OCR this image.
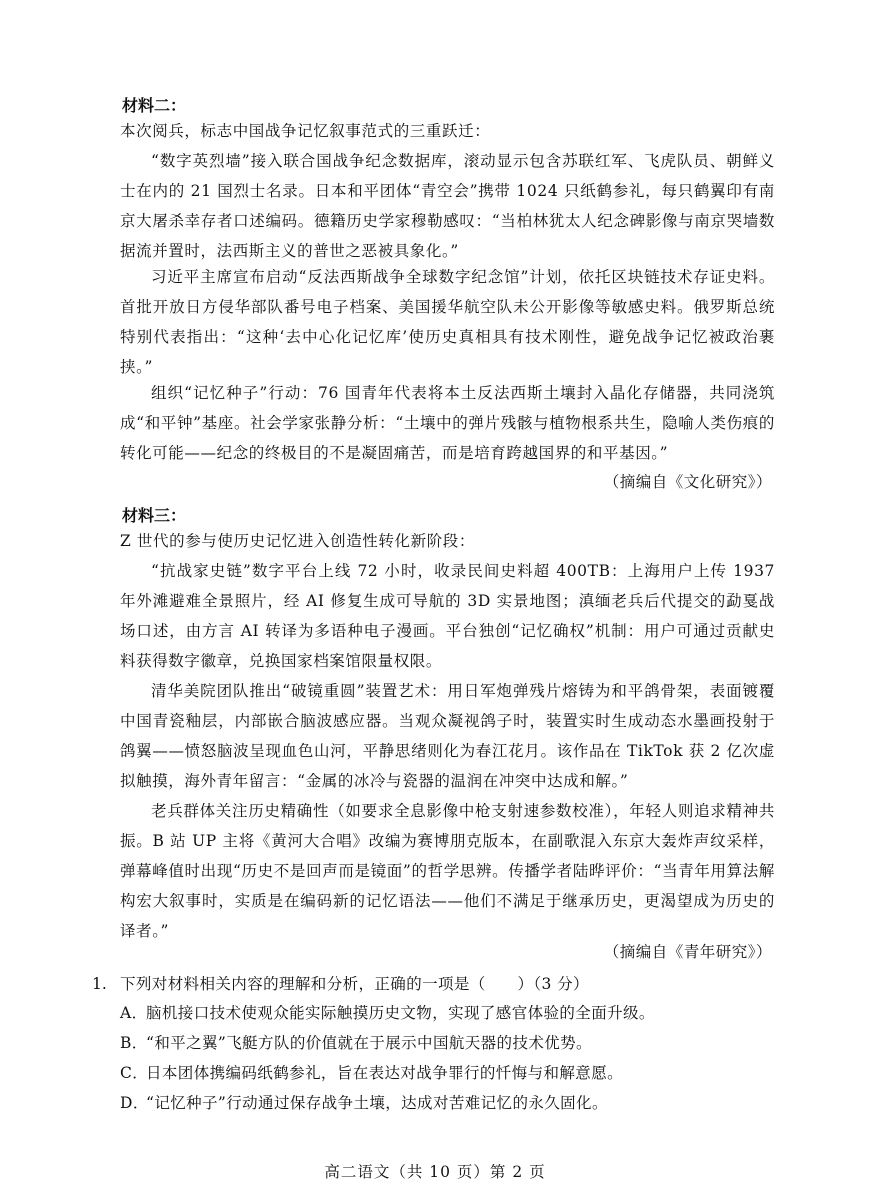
材料二：
本次阅兵，标志中国战争记忆叙事范式的三重跃迁：
“数字英烈墙”接入联合国战争纪念数据库，滚动显示包含苏联红军、飞虎队员、朝鲜义士在内的 21 国烈士名录。日本和平团体“青空会”携带 1024 只纸鹤参礼，每只鹤翼印有南京大屠杀幸存者口述编码。德籍历史学家穆勒感叹：“当柏林犹太人纪念碑影像与南京哭墙数据流并置时，法西斯主义的普世之恶被具象化。”
习近平主席宣布启动“反法西斯战争全球数字纪念馆”计划，依托区块链技术存证史料。首批开放日方侵华部队番号电子档案、美国援华航空队未公开影像等敏感史料。俄罗斯总统特别代表指出：“这种‘去中心化记忆库’使历史真相具有技术刚性，避免战争记忆被政治裹挟。”
组织“记忆种子”行动：76 国青年代表将本土反法西斯土壤封入晶化存储器，共同浇筑成“和平钟”基座。社会学家张静分析：“土壤中的弹片残骸与植物根系共生，隐喻人类伤痕的转化可能——纪念的终极目的不是凝固痛苦，而是培育跨越国界的和平基因。”
（摘编自《文化研究》）
材料三：
Z 世代的参与使历史记忆进入创造性转化新阶段：
“抗战家史链”数字平台上线 72 小时，收录民间史料超 400TB：上海用户上传 1937 年外滩避难全景照片，经 AI 修复生成可导航的 3D 实景地图；滇缅老兵后代提交的勐戛战场口述，由方言 AI 转译为多语种电子漫画。平台独创“记忆确权”机制：用户可通过贡献史料获得数字徽章，兑换国家档案馆限量权限。
清华美院团队推出“破镜重圆”装置艺术：用日军炮弹残片熔铸为和平鸽骨架，表面镀覆中国青瓷釉层，内部嵌合脑波感应器。当观众凝视鸽子时，装置实时生成动态水墨画投射于鸽翼——愤怒脑波呈现血色山河，平静思绪则化为春江花月。该作品在 TikTok 获 2 亿次虚拟触摸，海外青年留言：“金属的冰冷与瓷器的温润在冲突中达成和解。”
老兵群体关注历史精确性（如要求全息影像中枪支射速参数校准），年轻人则追求精神共振。B 站 UP 主将《黄河大合唱》改编为赛博朋克版本，在副歌混入东京大轰炸声纹采样，弹幕峰值时出现“历史不是回声而是镜面”的哲学思辨。传播学者陆晔评价：“当青年用算法解构宏大叙事时，实质是在编码新的记忆语法——他们不满足于继承历史，更渴望成为历史的译者。”
（摘编自《青年研究》）
1. 下列对材料相关内容的理解和分析，正确的一项是（　　）（3 分）
A．脑机接口技术使观众能实际触摸历史文物，实现了感官体验的全面升级。
B．“和平之翼”飞艇方队的价值就在于展示中国航天器的技术优势。
C．日本团体携编码纸鹤参礼，旨在表达对战争罪行的忏悔与和解意愿。
D．“记忆种子”行动通过保存战争土壤，达成对苦难记忆的永久固化。
高二语文（共 10 页）第 2 页
